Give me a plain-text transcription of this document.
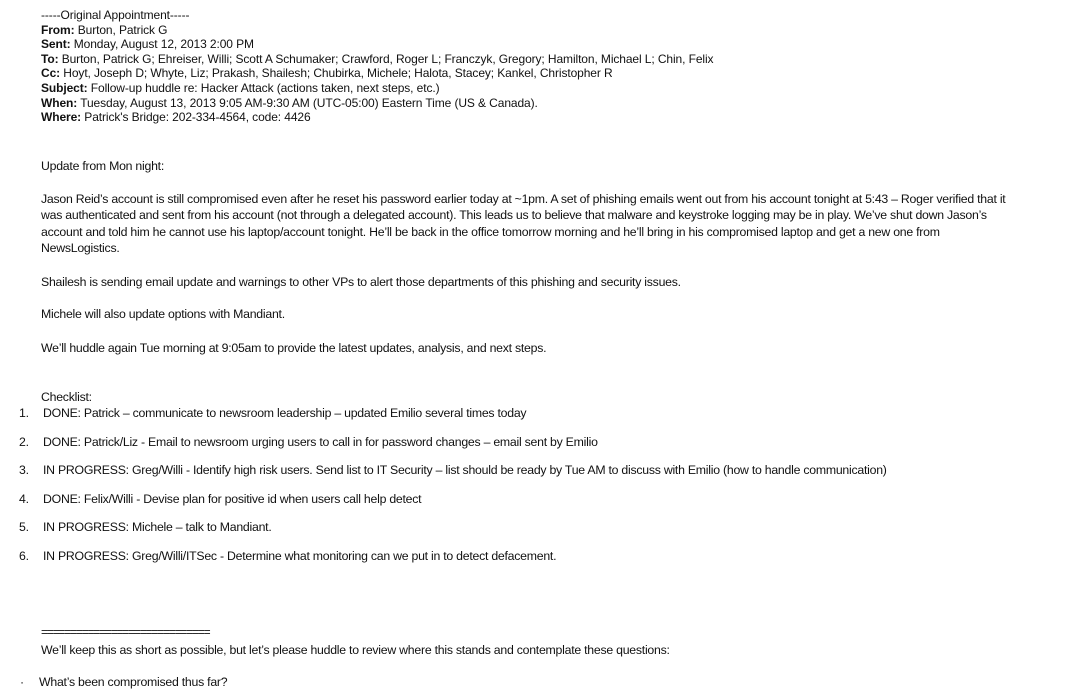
-----Original Appointment-----
From: Burton, Patrick G
Sent: Monday, August 12, 2013 2:00 PM
To: Burton, Patrick G; Ehreiser, Willi; Scott A Schumaker; Crawford, Roger L; Franczyk, Gregory; Hamilton, Michael L; Chin, Felix
Cc: Hoyt, Joseph D; Whyte, Liz; Prakash, Shailesh; Chubirka, Michele; Halota, Stacey; Kankel, Christopher R
Subject: Follow-up huddle re: Hacker Attack (actions taken, next steps, etc.)
When: Tuesday, August 13, 2013 9:05 AM-9:30 AM (UTC-05:00) Eastern Time (US & Canada).
Where: Patrick's Bridge: 202-334-4564, code: 4426

Update from Mon night:

Jason Reid’s account is still compromised even after he reset his password earlier today at ~1pm. A set of phishing emails went out from his account tonight at 5:43 – Roger verified that it
was authenticated and sent from his account (not through a delegated account). This leads us to believe that malware and keystroke logging may be in play. We’ve shut down Jason’s
account and told him he cannot use his laptop/account tonight. He’ll be back in the office tomorrow morning and he’ll bring in his compromised laptop and get a new one from
NewsLogistics.

Shailesh is sending email update and warnings to other VPs to alert those departments of this phishing and security issues.

Michele will also update options with Mandiant.

We’ll huddle again Tue morning at 9:05am to provide the latest updates, analysis, and next steps.

Checklist:
1. DONE: Patrick – communicate to newsroom leadership – updated Emilio several times today
2. DONE: Patrick/Liz - Email to newsroom urging users to call in for password changes – email sent by Emilio
3. IN PROGRESS: Greg/Willi - Identify high risk users. Send list to IT Security – list should be ready by Tue AM to discuss with Emilio (how to handle communication)
4. DONE: Felix/Willi - Devise plan for positive id when users call help detect
5. IN PROGRESS: Michele – talk to Mandiant.
6. IN PROGRESS: Greg/Willi/ITSec - Determine what monitoring can we put in to detect defacement.
=============================

We’ll keep this as short as possible, but let’s please huddle to review where this stands and contemplate these questions:

· What’s been compromised thus far?
